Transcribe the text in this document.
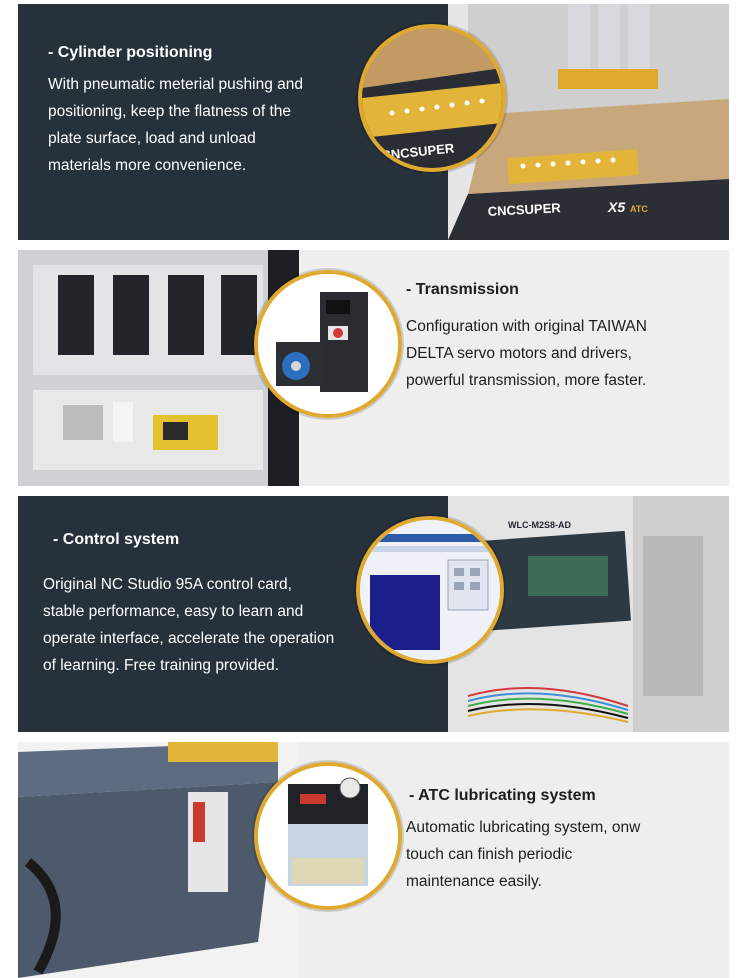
- Cylinder positioning
With pneumatic meterial pushing and
positioning, keep the flatness of the
plate surface, load and unload
materials more convenience.
CNCSUPER	X5 ATC
CNCSUPER
- Transmission
Configuration with original TAIWAN
DELTA servo motors and drivers,
powerful transmission, more faster.
- Control system
Original NC Studio 95A control card,
stable performance, easy to learn and
operate interface, accelerate the operation
of learning. Free training provided.
WLC-M2S8-AD
- ATC lubricating system
Automatic lubricating system, onw
touch can finish periodic
maintenance easily.
